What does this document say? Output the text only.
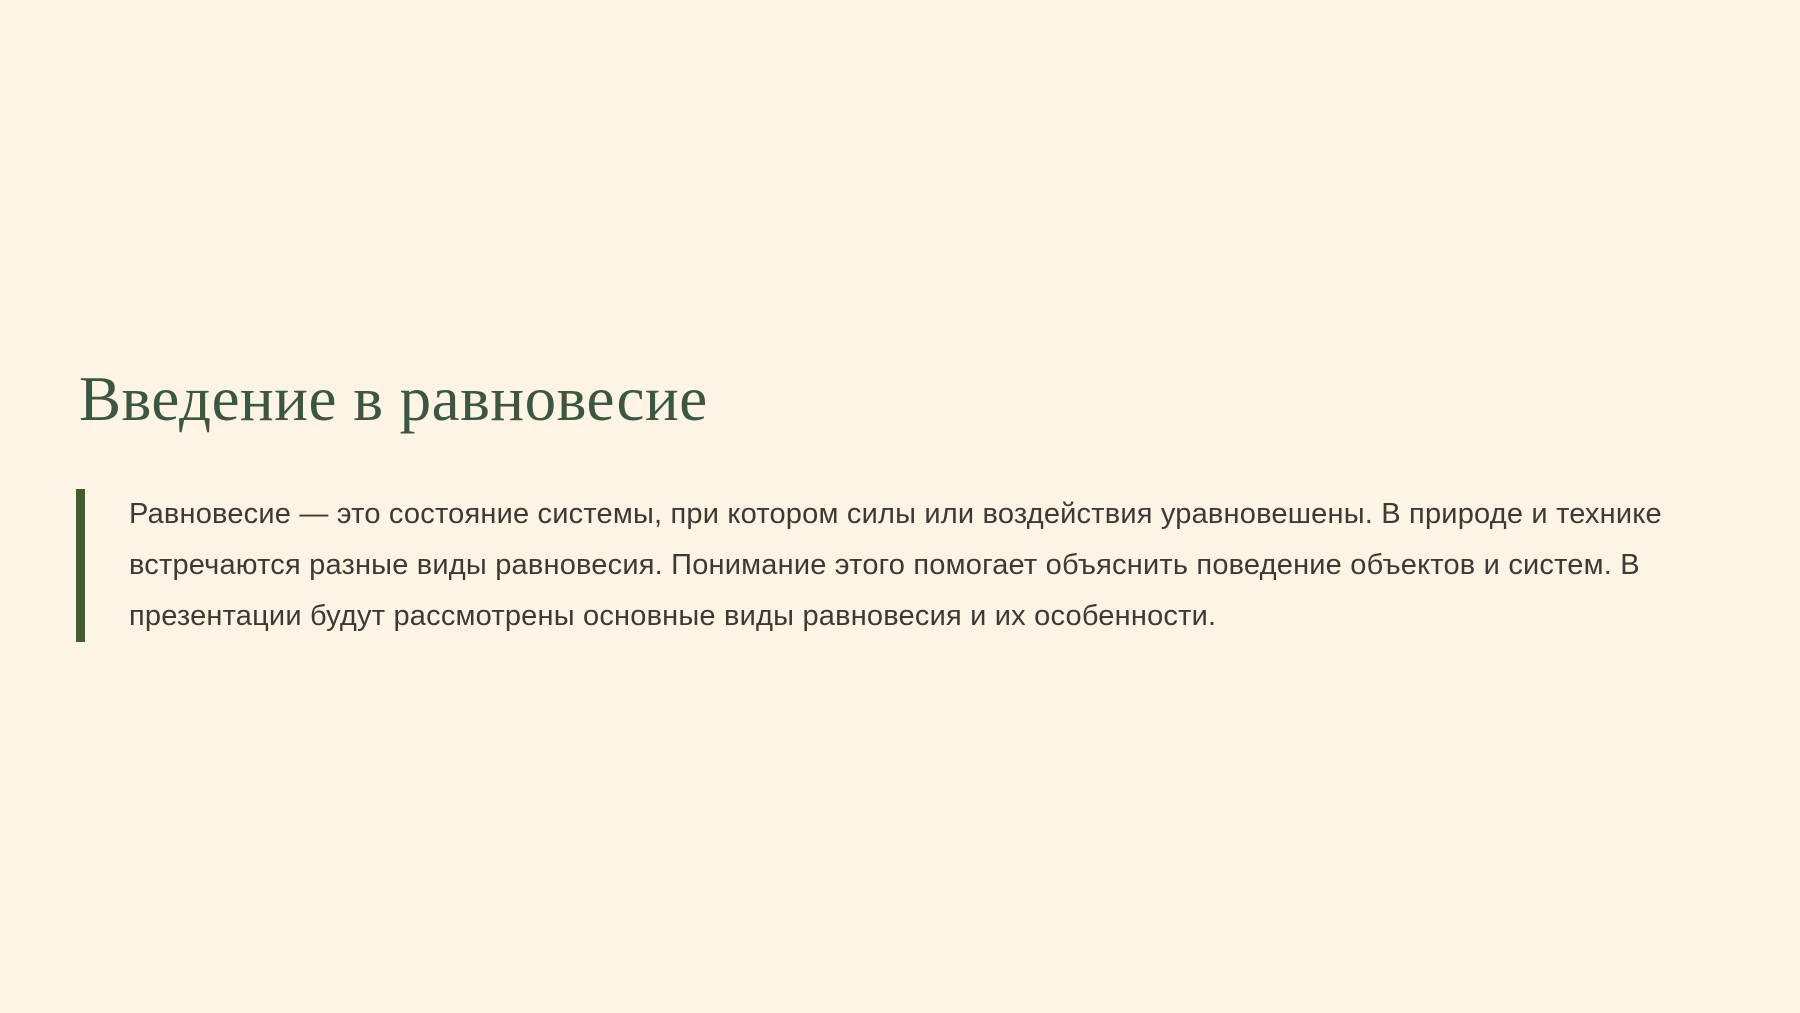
Введение в равновесие

Равновесие — это состояние системы, при котором силы или воздействия уравновешены. В природе и технике
встречаются разные виды равновесия. Понимание этого помогает объяснить поведение объектов и систем. В
презентации будут рассмотрены основные виды равновесия и их особенности.
